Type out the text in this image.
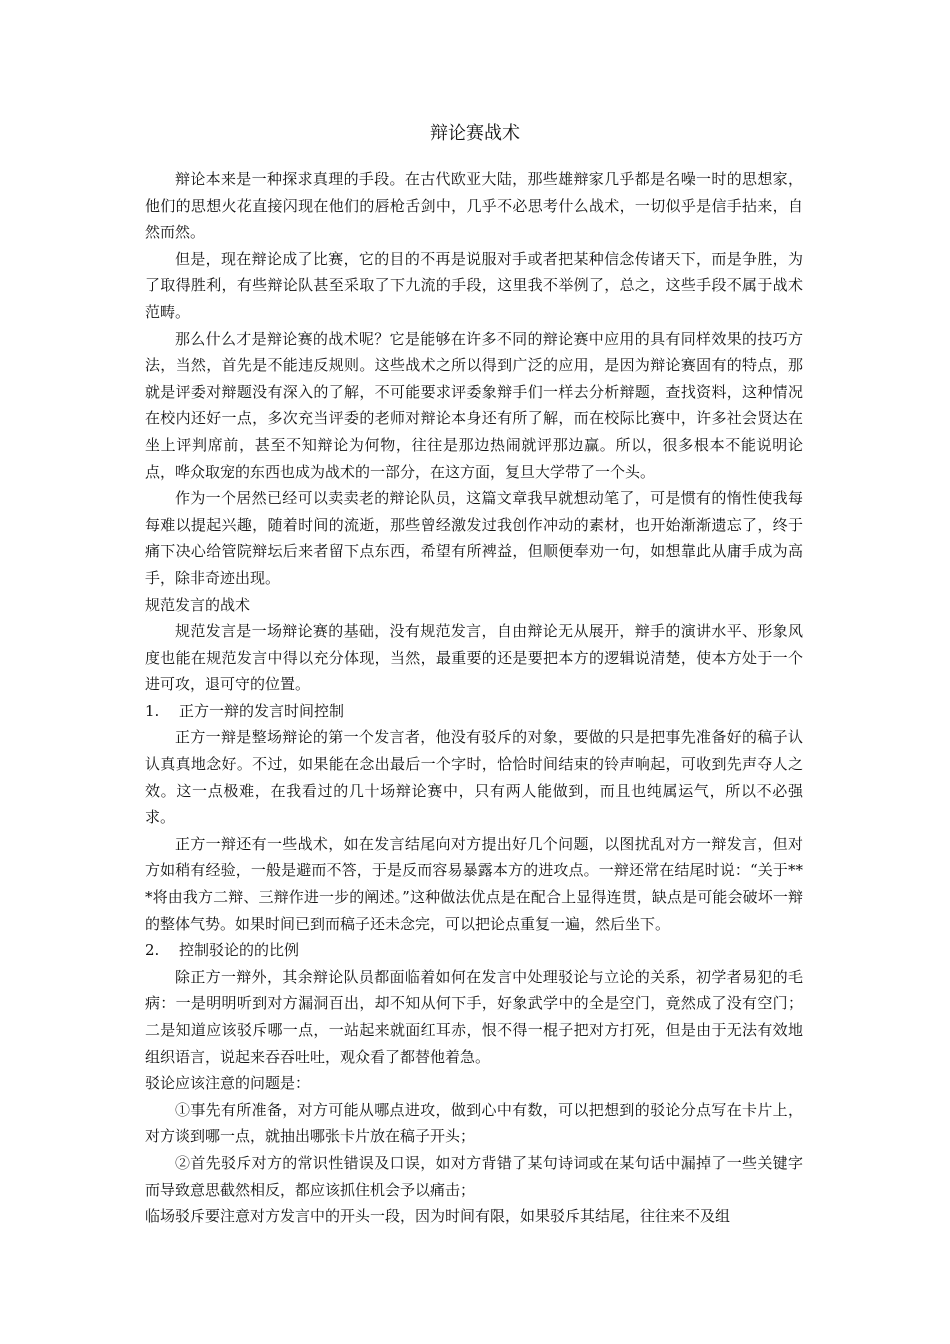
辩论赛战术

辩论本来是一种探求真理的手段。在古代欧亚大陆，那些雄辩家几乎都是名噪一时的思想家，他们的思想火花直接闪现在他们的唇枪舌剑中，几乎不必思考什么战术，一切似乎是信手拈来，自然而然。

但是，现在辩论成了比赛，它的目的不再是说服对手或者把某种信念传诸天下，而是争胜，为了取得胜利，有些辩论队甚至采取了下九流的手段，这里我不举例了，总之，这些手段不属于战术范畴。

那么什么才是辩论赛的战术呢？它是能够在许多不同的辩论赛中应用的具有同样效果的技巧方法，当然，首先是不能违反规则。这些战术之所以得到广泛的应用，是因为辩论赛固有的特点，那就是评委对辩题没有深入的了解，不可能要求评委象辩手们一样去分析辩题，查找资料，这种情况在校内还好一点，多次充当评委的老师对辩论本身还有所了解，而在校际比赛中，许多社会贤达在坐上评判席前，甚至不知辩论为何物，往往是那边热闹就评那边赢。所以，很多根本不能说明论点，哗众取宠的东西也成为战术的一部分，在这方面，复旦大学带了一个头。

作为一个居然已经可以卖卖老的辩论队员，这篇文章我早就想动笔了，可是惯有的惰性使我每每难以提起兴趣，随着时间的流逝，那些曾经激发过我创作冲动的素材，也开始渐渐遗忘了，终于痛下决心给管院辩坛后来者留下点东西，希望有所裨益，但顺便奉劝一句，如想靠此从庸手成为高手，除非奇迹出现。

规范发言的战术

规范发言是一场辩论赛的基础，没有规范发言，自由辩论无从展开，辩手的演讲水平、形象风度也能在规范发言中得以充分体现，当然，最重要的还是要把本方的逻辑说清楚，使本方处于一个进可攻，退可守的位置。

1. 正方一辩的发言时间控制

正方一辩是整场辩论的第一个发言者，他没有驳斥的对象，要做的只是把事先准备好的稿子认认真真地念好。不过，如果能在念出最后一个字时，恰恰时间结束的铃声响起，可收到先声夺人之效。这一点极难，在我看过的几十场辩论赛中，只有两人能做到，而且也纯属运气，所以不必强求。

正方一辩还有一些战术，如在发言结尾向对方提出好几个问题，以图扰乱对方一辩发言，但对方如稍有经验，一般是避而不答，于是反而容易暴露本方的进攻点。一辩还常在结尾时说：“关于***将由我方二辩、三辩作进一步的阐述。”这种做法优点是在配合上显得连贯，缺点是可能会破坏一辩的整体气势。如果时间已到而稿子还未念完，可以把论点重复一遍，然后坐下。

2. 控制驳论的的比例

除正方一辩外，其余辩论队员都面临着如何在发言中处理驳论与立论的关系，初学者易犯的毛病：一是明明听到对方漏洞百出，却不知从何下手，好象武学中的全是空门，竟然成了没有空门；二是知道应该驳斥哪一点，一站起来就面红耳赤，恨不得一棍子把对方打死，但是由于无法有效地组织语言，说起来吞吞吐吐，观众看了都替他着急。

驳论应该注意的问题是：

①事先有所准备，对方可能从哪点进攻，做到心中有数，可以把想到的驳论分点写在卡片上，对方谈到哪一点，就抽出哪张卡片放在稿子开头；

②首先驳斥对方的常识性错误及口误，如对方背错了某句诗词或在某句话中漏掉了一些关键字而导致意思截然相反，都应该抓住机会予以痛击；

临场驳斥要注意对方发言中的开头一段，因为时间有限，如果驳斥其结尾，往往来不及组
